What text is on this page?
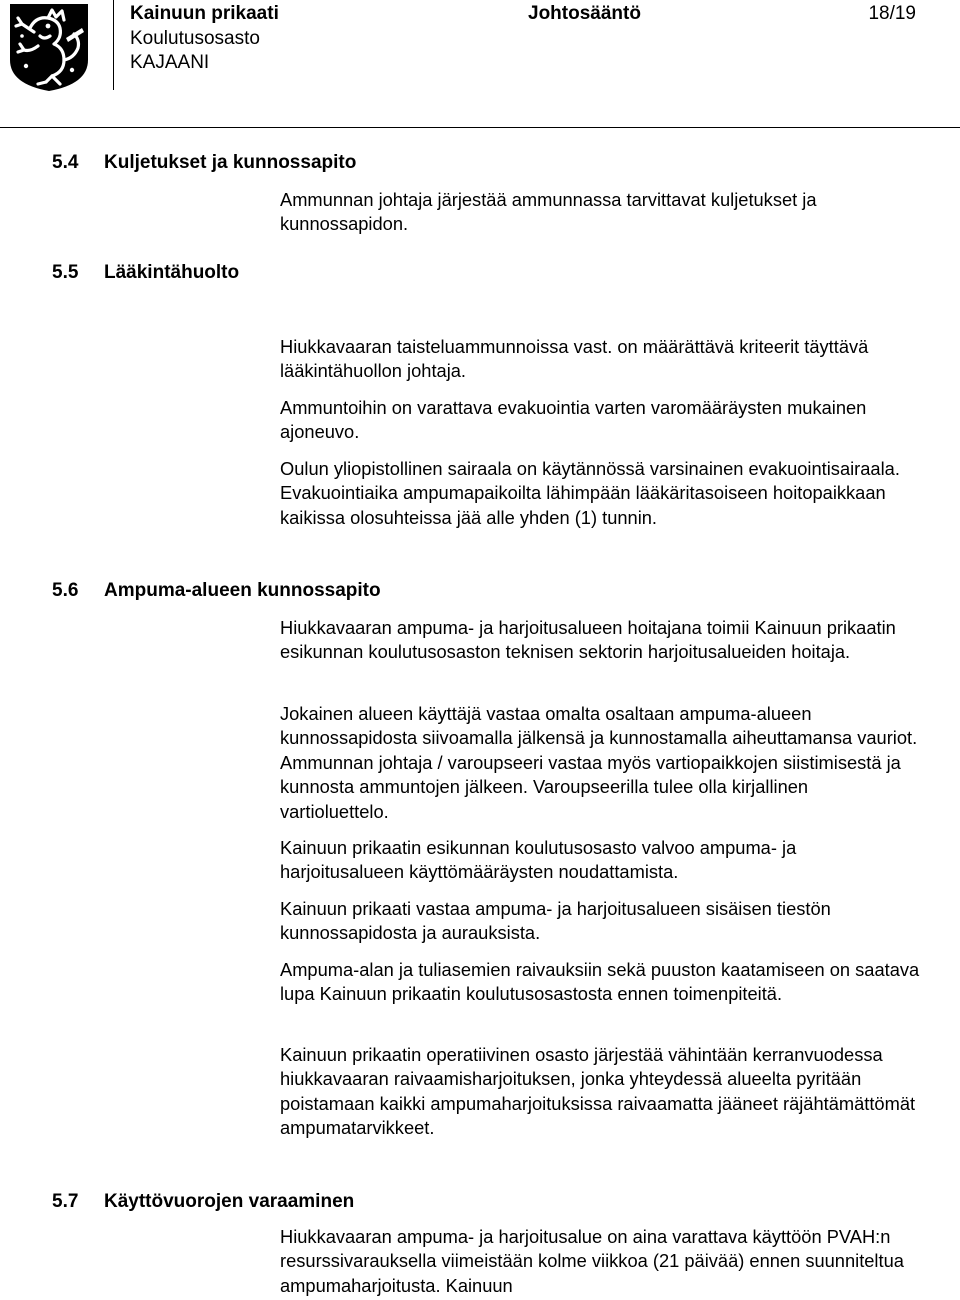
Kainuun prikaati
Koulutusosasto
KAJAANI
Johtosääntö	18/19
5.4 Kuljetukset ja kunnossapito

Ammunnan johtaja järjestää ammunnassa tarvittavat kuljetukset ja kunnossapidon.

5.5 Lääkintähuolto

Hiukkavaaran taisteluammunnoissa vast. on määrättävä kriteerit täyttävä lääkintähuollon johtaja.

Ammuntoihin on varattava evakuointia varten varomääräysten mukainen ajoneuvo.

Oulun yliopistollinen sairaala on käytännössä varsinainen evakuointisairaala. Evakuointiaika ampumapaikoilta lähimpään lääkäritasoiseen hoitopaikkaan kaikissa olosuhteissa jää alle yhden (1) tunnin.

5.6 Ampuma-alueen kunnossapito

Hiukkavaaran ampuma- ja harjoitusalueen hoitajana toimii Kainuun prikaatin esikunnan koulutusosaston teknisen sektorin harjoitusalueiden hoitaja.

Jokainen alueen käyttäjä vastaa omalta osaltaan ampuma-alueen kunnossapidosta siivoamalla jälkensä ja kunnostamalla aiheuttamansa vauriot. Ammunnan johtaja / varoupseeri vastaa myös vartiopaikkojen siistimisestä ja kunnosta ammuntojen jälkeen. Varoupseerilla tulee olla kirjallinen vartioluettelo.

Kainuun prikaatin esikunnan koulutusosasto valvoo ampuma- ja harjoitusalueen käyttömääräysten noudattamista.

Kainuun prikaati vastaa ampuma- ja harjoitusalueen sisäisen tiestön kunnossapidosta ja aurauksista.

Ampuma-alan ja tuliasemien raivauksiin sekä puuston kaatamiseen on saatava lupa Kainuun prikaatin koulutusosastosta ennen toimenpiteitä.

Kainuun prikaatin operatiivinen osasto järjestää vähintään kerranvuodessa hiukkavaaran raivaamisharjoituksen, jonka yhteydessä alueelta pyritään poistamaan kaikki ampumaharjoituksissa raivaamatta jääneet räjähtämättömät ampumatarvikkeet.

5.7 Käyttövuorojen varaaminen

Hiukkavaaran ampuma- ja harjoitusalue on aina varattava käyttöön PVAH:n resurssivarauksella viimeistään kolme viikkoa (21 päivää) ennen suunniteltua ampumaharjoitusta. Kainuun
